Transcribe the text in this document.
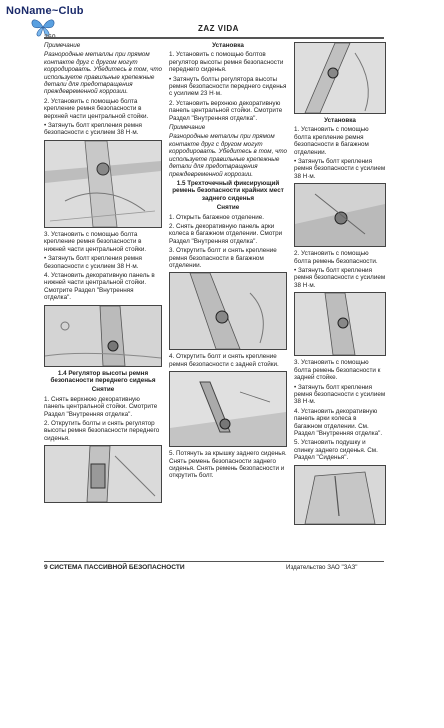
NoName~Club
260
ZAZ VIDA

Примечание

Разнородные металлы при прямом контакте друг с другом могут корродировать. Убедитесь в том, что используете правильные крепежные детали для предотвращения преждевременной коррозии.

2. Установить с помощью болта крепление ремня безопасности в верхней части центральной стойки.

• Затянуть болт крепления ремня безопасности с усилием 38 Н·м.

3. Установить с помощью болта крепление ремня безопасности в нижней части центральной стойки.

• Затянуть болт крепления ремня безопасности с усилием 38 Н·м.

4. Установить декоративную панель в нижней части центральной стойки. Смотрите Раздел "Внутренняя отделка".

1.4 Регулятор высоты ремня безопасности переднего сиденья

Снятие

1. Снять верхнюю декоративную панель центральной стойки. Смотрите Раздел "Внутренняя отделка".

2. Открутить болты и снять регулятор высоты ремня безопасности переднего сиденья.

Установка

1. Установить с помощью болтов регулятор высоты ремня безопасности переднего сиденья.

• Затянуть болты регулятора высоты ремня безопасности переднего сиденья с усилием 23 Н·м.

2. Установить верхнюю декоративную панель центральной стойки. Смотрите Раздел "Внутренняя отделка".

Примечание

Разнородные металлы при прямом контакте друг с другом могут корродировать. Убедитесь в том, что используете правильные крепежные детали для предотвращения преждевременной коррозии.

1.5 Трехточечный фиксирующий ремень безопасности крайних мест заднего сиденья

Снятие

1. Открыть багажное отделение.

2. Снять декоративную панель арки колеса в багажном отделении. Смотри Раздел "Внутренняя отделка".

3. Открутить болт и снять крепление ремня безопасности в багажном отделении.

4. Открутить болт и снять крепление ремня безопасности с задней стойки.

5. Потянуть за крышку заднего сиденья. Снять ремень безопасности заднего сиденья. Снять ремень безопасности и открутить болт.

Установка

1. Установить с помощью болта крепление ремня безопасности в багажном отделении.

• Затянуть болт крепления ремня безопасности с усилием 38 Н·м.

2. Установить с помощью болта ремень безопасности.

• Затянуть болт крепления ремня безопасности с усилием 38 Н·м.

3. Установить с помощью болта ремень безопасности к задней стойке.

• Затянуть болт крепления ремня безопасности с усилием 38 Н·м.

4. Установить декоративную панель арки колеса в багажном отделении. См. Раздел "Внутренняя отделка".

5. Установить подушку и спинку заднего сиденья. См. Раздел "Сиденья".

9 СИСТЕМА ПАССИВНОЙ БЕЗОПАСНОСТИ	Издательство ЗАО "ЗАЗ"
